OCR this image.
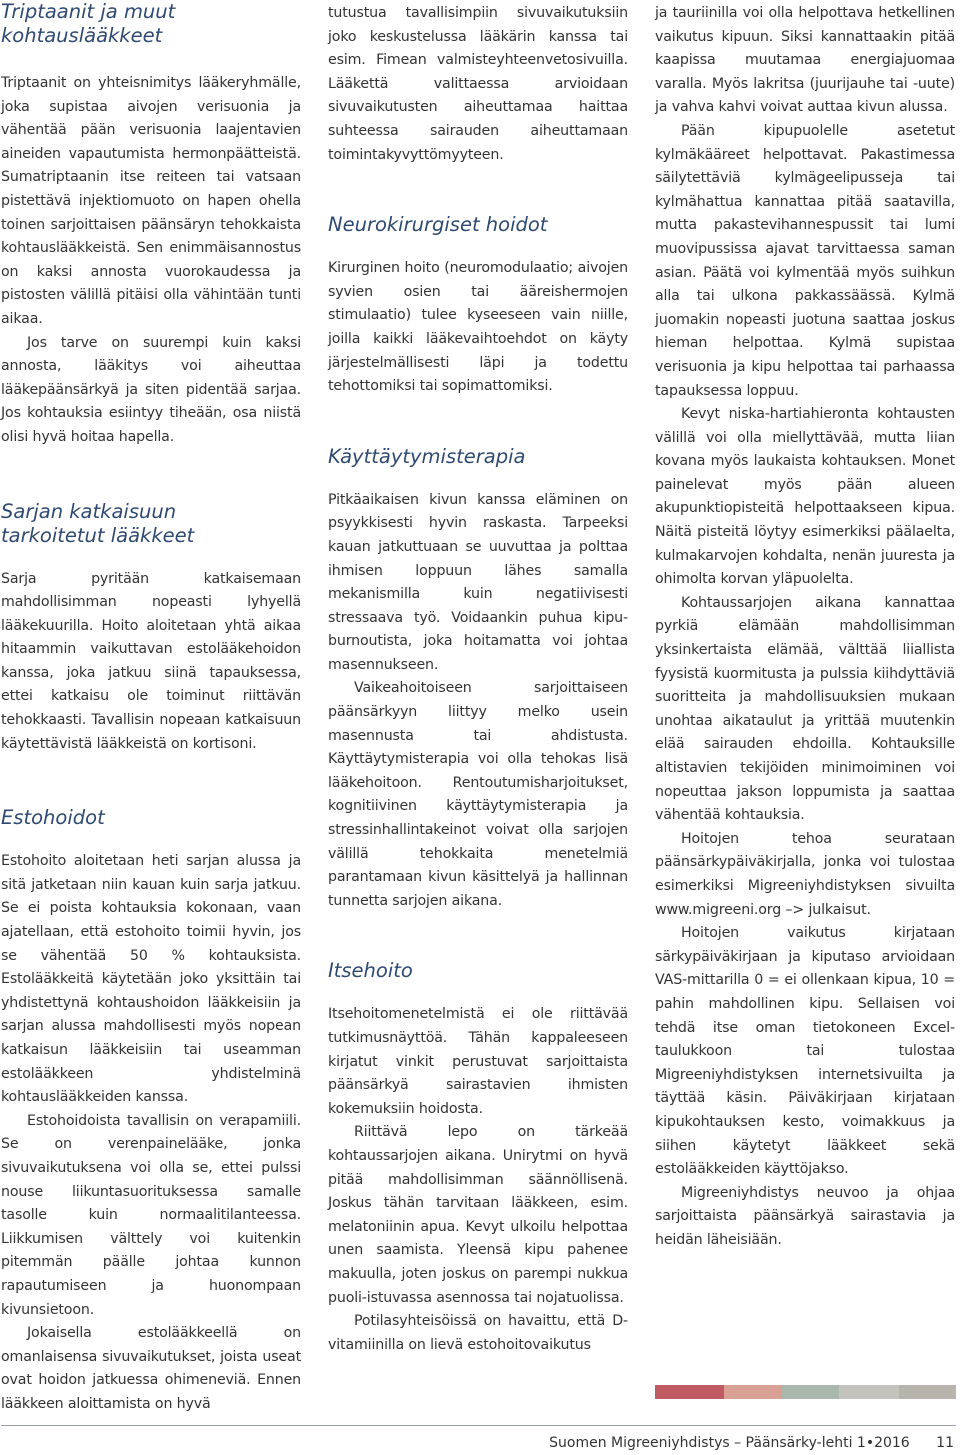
Triptaanit ja muut kohtauslääkkeet

Triptaanit on yhteisnimitys lääkeryhmälle, joka supistaa aivojen verisuonia ja vähentää pään verisuonia laajentavien aineiden vapautumista hermonpäätteistä. Sumatriptaanin itse reiteen tai vatsaan pistettävä injektiomuoto on hapen ohella toinen sarjoittaisen päänsäryn tehokkaista kohtauslääkkeistä. Sen enimmäisannostus on kaksi annosta vuorokaudessa ja pistosten välillä pitäisi olla vähintään tunti aikaa.

Jos tarve on suurempi kuin kaksi annosta, lääkitys voi aiheuttaa lääkepäänsärkyä ja siten pidentää sarjaa. Jos kohtauksia esiintyy tiheään, osa niistä olisi hyvä hoitaa hapella.

Sarjan katkaisuun tarkoitetut lääkkeet

Sarja pyritään katkaisemaan mahdollisimman nopeasti lyhyellä lääkekuurilla. Hoito aloitetaan yhtä aikaa hitaammin vaikuttavan estolääkehoidon kanssa, joka jatkuu siinä tapauksessa, ettei katkaisu ole toiminut riittävän tehokkaasti. Tavallisin nopeaan katkaisuun käytettävistä lääkkeistä on kortisoni.

Estohoidot

Estohoito aloitetaan heti sarjan alussa ja sitä jatketaan niin kauan kuin sarja jatkuu. Se ei poista kohtauksia kokonaan, vaan ajatellaan, että estohoito toimii hyvin, jos se vähentää 50 % kohtauksista. Estolääkkeitä käytetään joko yksittäin tai yhdistettynä kohtaushoidon lääkkeisiin ja sarjan alussa mahdollisesti myös nopean katkaisun lääkkeisiin tai useamman estolääkkeen yhdistelminä kohtauslääkkeiden kanssa.

Estohoidoista tavallisin on verapamiili. Se on verenpainelääke, jonka sivuvaikutuksena voi olla se, ettei pulssi nouse liikuntasuorituksessa samalle tasolle kuin normaalitilanteessa. Liikkumisen välttely voi kuitenkin pitemmän päälle johtaa kunnon rapautumiseen ja huonompaan kivunsietoon.

Jokaisella estolääkkeellä on omanlaisensa sivuvaikutukset, joista useat ovat hoidon jatkuessa ohimeneviä. Ennen lääkkeen aloittamista on hyvä

tutustua tavallisimpiin sivuvaikutuksiin joko keskustelussa lääkärin kanssa tai esim. Fimean valmisteyhteenvetosivuilla. Lääkettä valittaessa arvioidaan sivuvaikutusten aiheuttamaa haittaa suhteessa sairauden aiheuttamaan toimintakyvyttömyyteen.

Neurokirurgiset hoidot

Kirurginen hoito (neuromodulaatio; aivojen syvien osien tai ääreishermojen stimulaatio) tulee kyseeseen vain niille, joilla kaikki lääkevaihtoehdot on käyty järjestelmällisesti läpi ja todettu tehottomiksi tai sopimattomiksi.

Käyttäytymisterapia

Pitkäaikaisen kivun kanssa eläminen on psyykkisesti hyvin raskasta. Tarpeeksi kauan jatkuttuaan se uuvuttaa ja polttaa ihmisen loppuun lähes samalla mekanismilla kuin negatiivisesti stressaava työ. Voidaankin puhua kipu-burnoutista, joka hoitamatta voi johtaa masennukseen.

Vaikeahoitoiseen sarjoittaiseen päänsärkyyn liittyy melko usein masennusta tai ahdistusta. Käyttäytymisterapia voi olla tehokas lisä lääkehoitoon. Rentoutumisharjoitukset, kognitiivinen käyttäytymisterapia ja stressinhallintakeinot voivat olla sarjojen välillä tehokkaita menetelmiä parantamaan kivun käsittelyä ja hallinnan tunnetta sarjojen aikana.

Itsehoito

Itsehoitomenetelmistä ei ole riittävää tutkimusnäyttöä. Tähän kappaleeseen kirjatut vinkit perustuvat sarjoittaista päänsärkyä sairastavien ihmisten kokemuksiin hoidosta.

Riittävä lepo on tärkeää kohtaussarjojen aikana. Unirytmi on hyvä pitää mahdollisimman säännöllisenä. Joskus tähän tarvitaan lääkkeen, esim. melatoniinin apua. Kevyt ulkoilu helpottaa unen saamista. Yleensä kipu pahenee makuulla, joten joskus on parempi nukkua puoli-istuvassa asennossa tai nojatuolissa.

Potilasyhteisöissä on havaittu, että D-vitamiinilla on lievä estohoitovaikutus

ja tauriinilla voi olla helpottava hetkellinen vaikutus kipuun. Siksi kannattaakin pitää kaapissa muutamaa energiajuomaa varalla. Myös lakritsa (juurijauhe tai -uute) ja vahva kahvi voivat auttaa kivun alussa.

Pään kipupuolelle asetetut kylmäkääreet helpottavat. Pakastimessa säilytettäviä kylmägeelipusseja tai kylmähattua kannattaa pitää saatavilla, mutta pakastevihannespussit tai lumi muovipussissa ajavat tarvittaessa saman asian. Päätä voi kylmentää myös suihkun alla tai ulkona pakkassäässä. Kylmä juomakin nopeasti juotuna saattaa joskus hieman helpottaa. Kylmä supistaa verisuonia ja kipu helpottaa tai parhaassa tapauksessa loppuu.

Kevyt niska-hartiahieronta kohtausten välillä voi olla miellyttävää, mutta liian kovana myös laukaista kohtauksen. Monet painelevat myös pään alueen akupunktiopisteitä helpottaakseen kipua. Näitä pisteitä löytyy esimerkiksi päälaelta, kulmakarvojen kohdalta, nenän juuresta ja ohimolta korvan yläpuolelta.

Kohtaussarjojen aikana kannattaa pyrkiä elämään mahdollisimman yksinkertaista elämää, välttää liiallista fyysistä kuormitusta ja pulssia kiihdyttäviä suoritteita ja mahdollisuuksien mukaan unohtaa aikataulut ja yrittää muutenkin elää sairauden ehdoilla. Kohtauksille altistavien tekijöiden minimoiminen voi nopeuttaa jakson loppumista ja saattaa vähentää kohtauksia.

Hoitojen tehoa seurataan päänsärkypäiväkirjalla, jonka voi tulostaa esimerkiksi Migreeniyhdistyksen sivuilta www.migreeni.org –> julkaisut.

Hoitojen vaikutus kirjataan särkypäiväkirjaan ja kiputaso arvioidaan VAS-mittarilla 0 = ei ollenkaan kipua, 10 = pahin mahdollinen kipu. Sellaisen voi tehdä itse oman tietokoneen Excel-taulukkoon tai tulostaa Migreeniyhdistyksen internetsivuilta ja täyttää käsin. Päiväkirjaan kirjataan kipukohtauksen kesto, voimakkuus ja siihen käytetyt lääkkeet sekä estolääkkeiden käyttöjakso.

Migreeniyhdistys neuvoo ja ohjaa sarjoittaista päänsärkyä sairastavia ja heidän läheisiään.

Suomen Migreeniyhdistys – Päänsärky-lehti 1•2016 11
